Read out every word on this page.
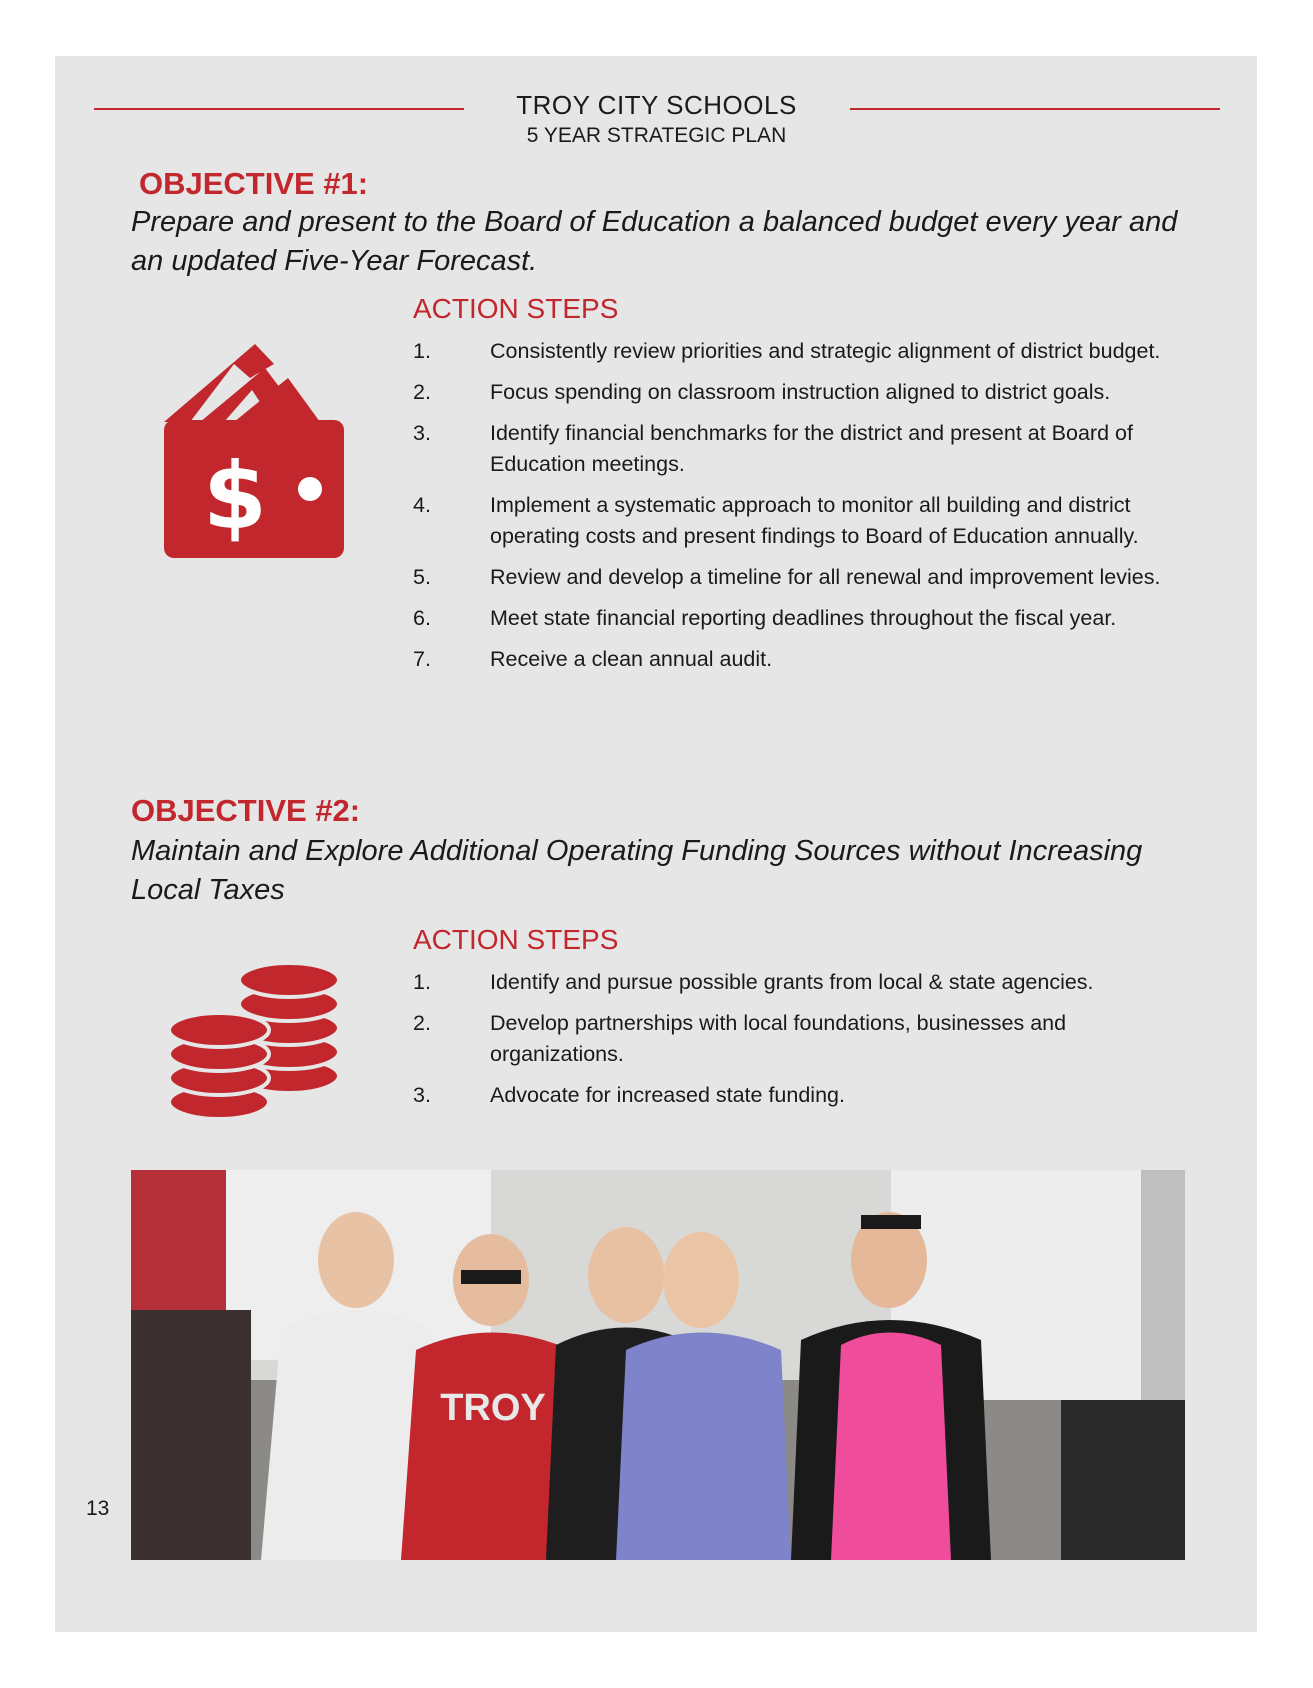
TROY CITY SCHOOLS
5 YEAR STRATEGIC PLAN
OBJECTIVE #1:
Prepare and present to the Board of Education a balanced budget every year and an updated Five-Year Forecast.
ACTION STEPS
$
1.	Consistently review priorities and strategic alignment of district budget.
2.	Focus spending on classroom instruction aligned to district goals.
3.	Identify financial benchmarks for the district and present at Board of Education meetings.
4.	Implement a systematic approach to monitor all building and district operating costs and present findings to Board of Education annually.
5.	Review and develop a timeline for all renewal and improvement levies.
6.	Meet state financial reporting deadlines throughout the fiscal year.
7.	Receive a clean annual audit.
OBJECTIVE #2:
Maintain and Explore Additional Operating Funding Sources without Increasing Local Taxes
ACTION STEPS
1.	Identify and pursue possible grants from local & state agencies.
2.	Develop partnerships with local foundations, businesses and organizations.
3.	Advocate for increased state funding.
TROY
13
